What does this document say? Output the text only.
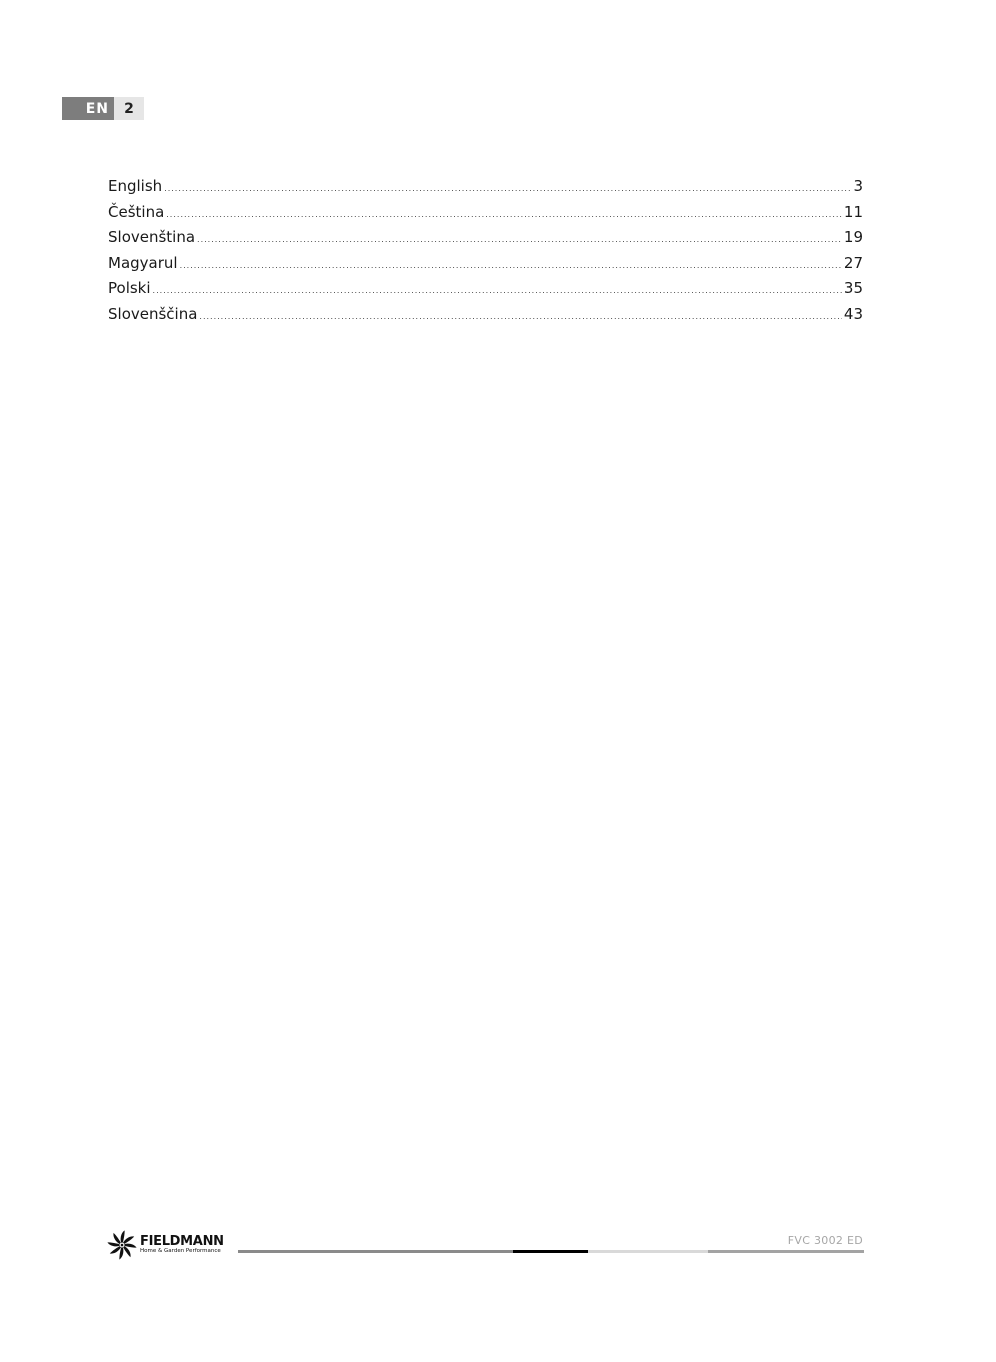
EN	2
English .....	3
Čeština .....	11
Slovenština .....	19
Magyarul .....	27
Polski .....	35
Slovenščina .....	43
FIELDMANN
Home & Garden Performance
FVC 3002 ED
